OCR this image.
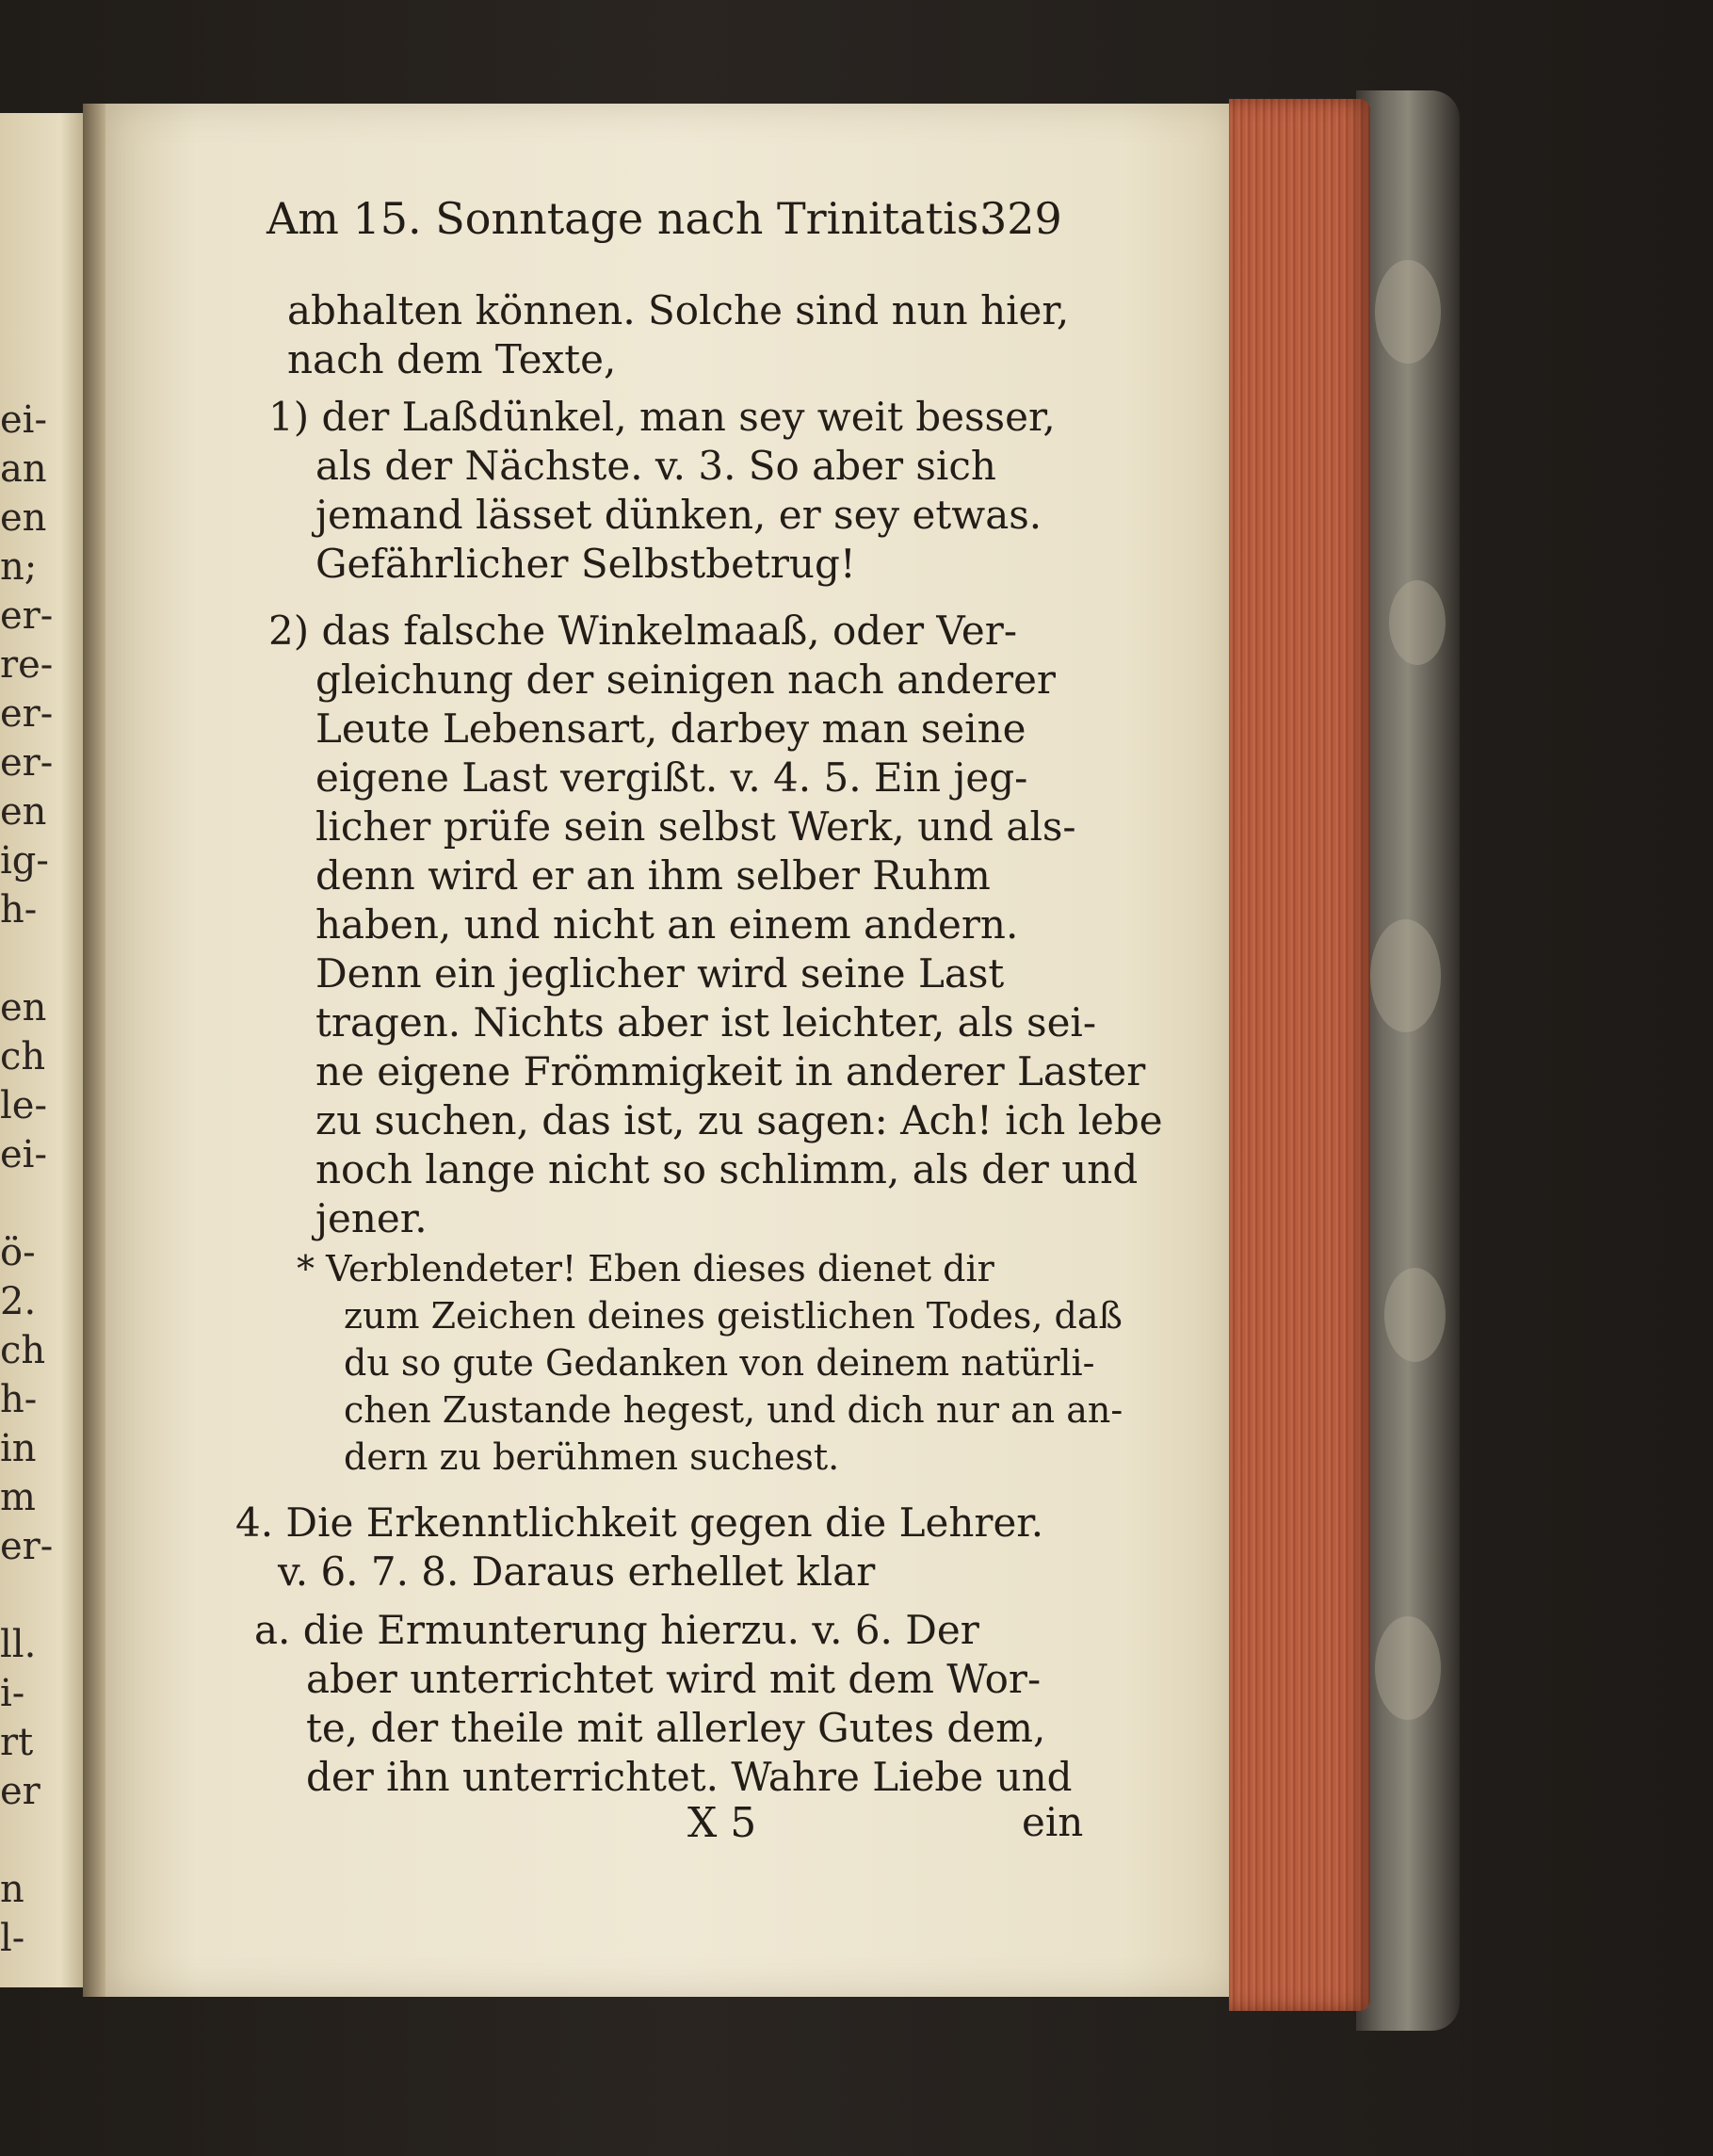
ei-
an
en
n;
er-
re-
er-
er-
en
ig-
h-
en
ch
le-
ei-
ö-
2.
ch
h-
in
m
er-
ll.
i-
rt
er
n
l-
Am 15. Sonntage nach Trinitatis.
329
abhalten können. Solche sind nun hier,
nach dem Texte,
1) der Laßdünkel, man sey weit besser,
als der Nächste. v. 3. So aber sich
jemand lässet dünken, er sey etwas.
Gefährlicher Selbstbetrug!
2) das falsche Winkelmaaß, oder Ver-
gleichung der seinigen nach anderer
Leute Lebensart, darbey man seine
eigene Last vergißt. v. 4. 5. Ein jeg-
licher prüfe sein selbst Werk, und als-
denn wird er an ihm selber Ruhm
haben, und nicht an einem andern.
Denn ein jeglicher wird seine Last
tragen. Nichts aber ist leichter, als sei-
ne eigene Frömmigkeit in anderer Laster
zu suchen, das ist, zu sagen: Ach! ich lebe
noch lange nicht so schlimm, als der und
jener.
* Verblendeter! Eben dieses dienet dir
zum Zeichen deines geistlichen Todes, daß
du so gute Gedanken von deinem natürli-
chen Zustande hegest, und dich nur an an-
dern zu berühmen suchest.
4. Die Erkenntlichkeit gegen die Lehrer.
v. 6. 7. 8. Daraus erhellet klar
a. die Ermunterung hierzu. v. 6. Der
aber unterrichtet wird mit dem Wor-
te, der theile mit allerley Gutes dem,
der ihn unterrichtet. Wahre Liebe und
X 5	ein
